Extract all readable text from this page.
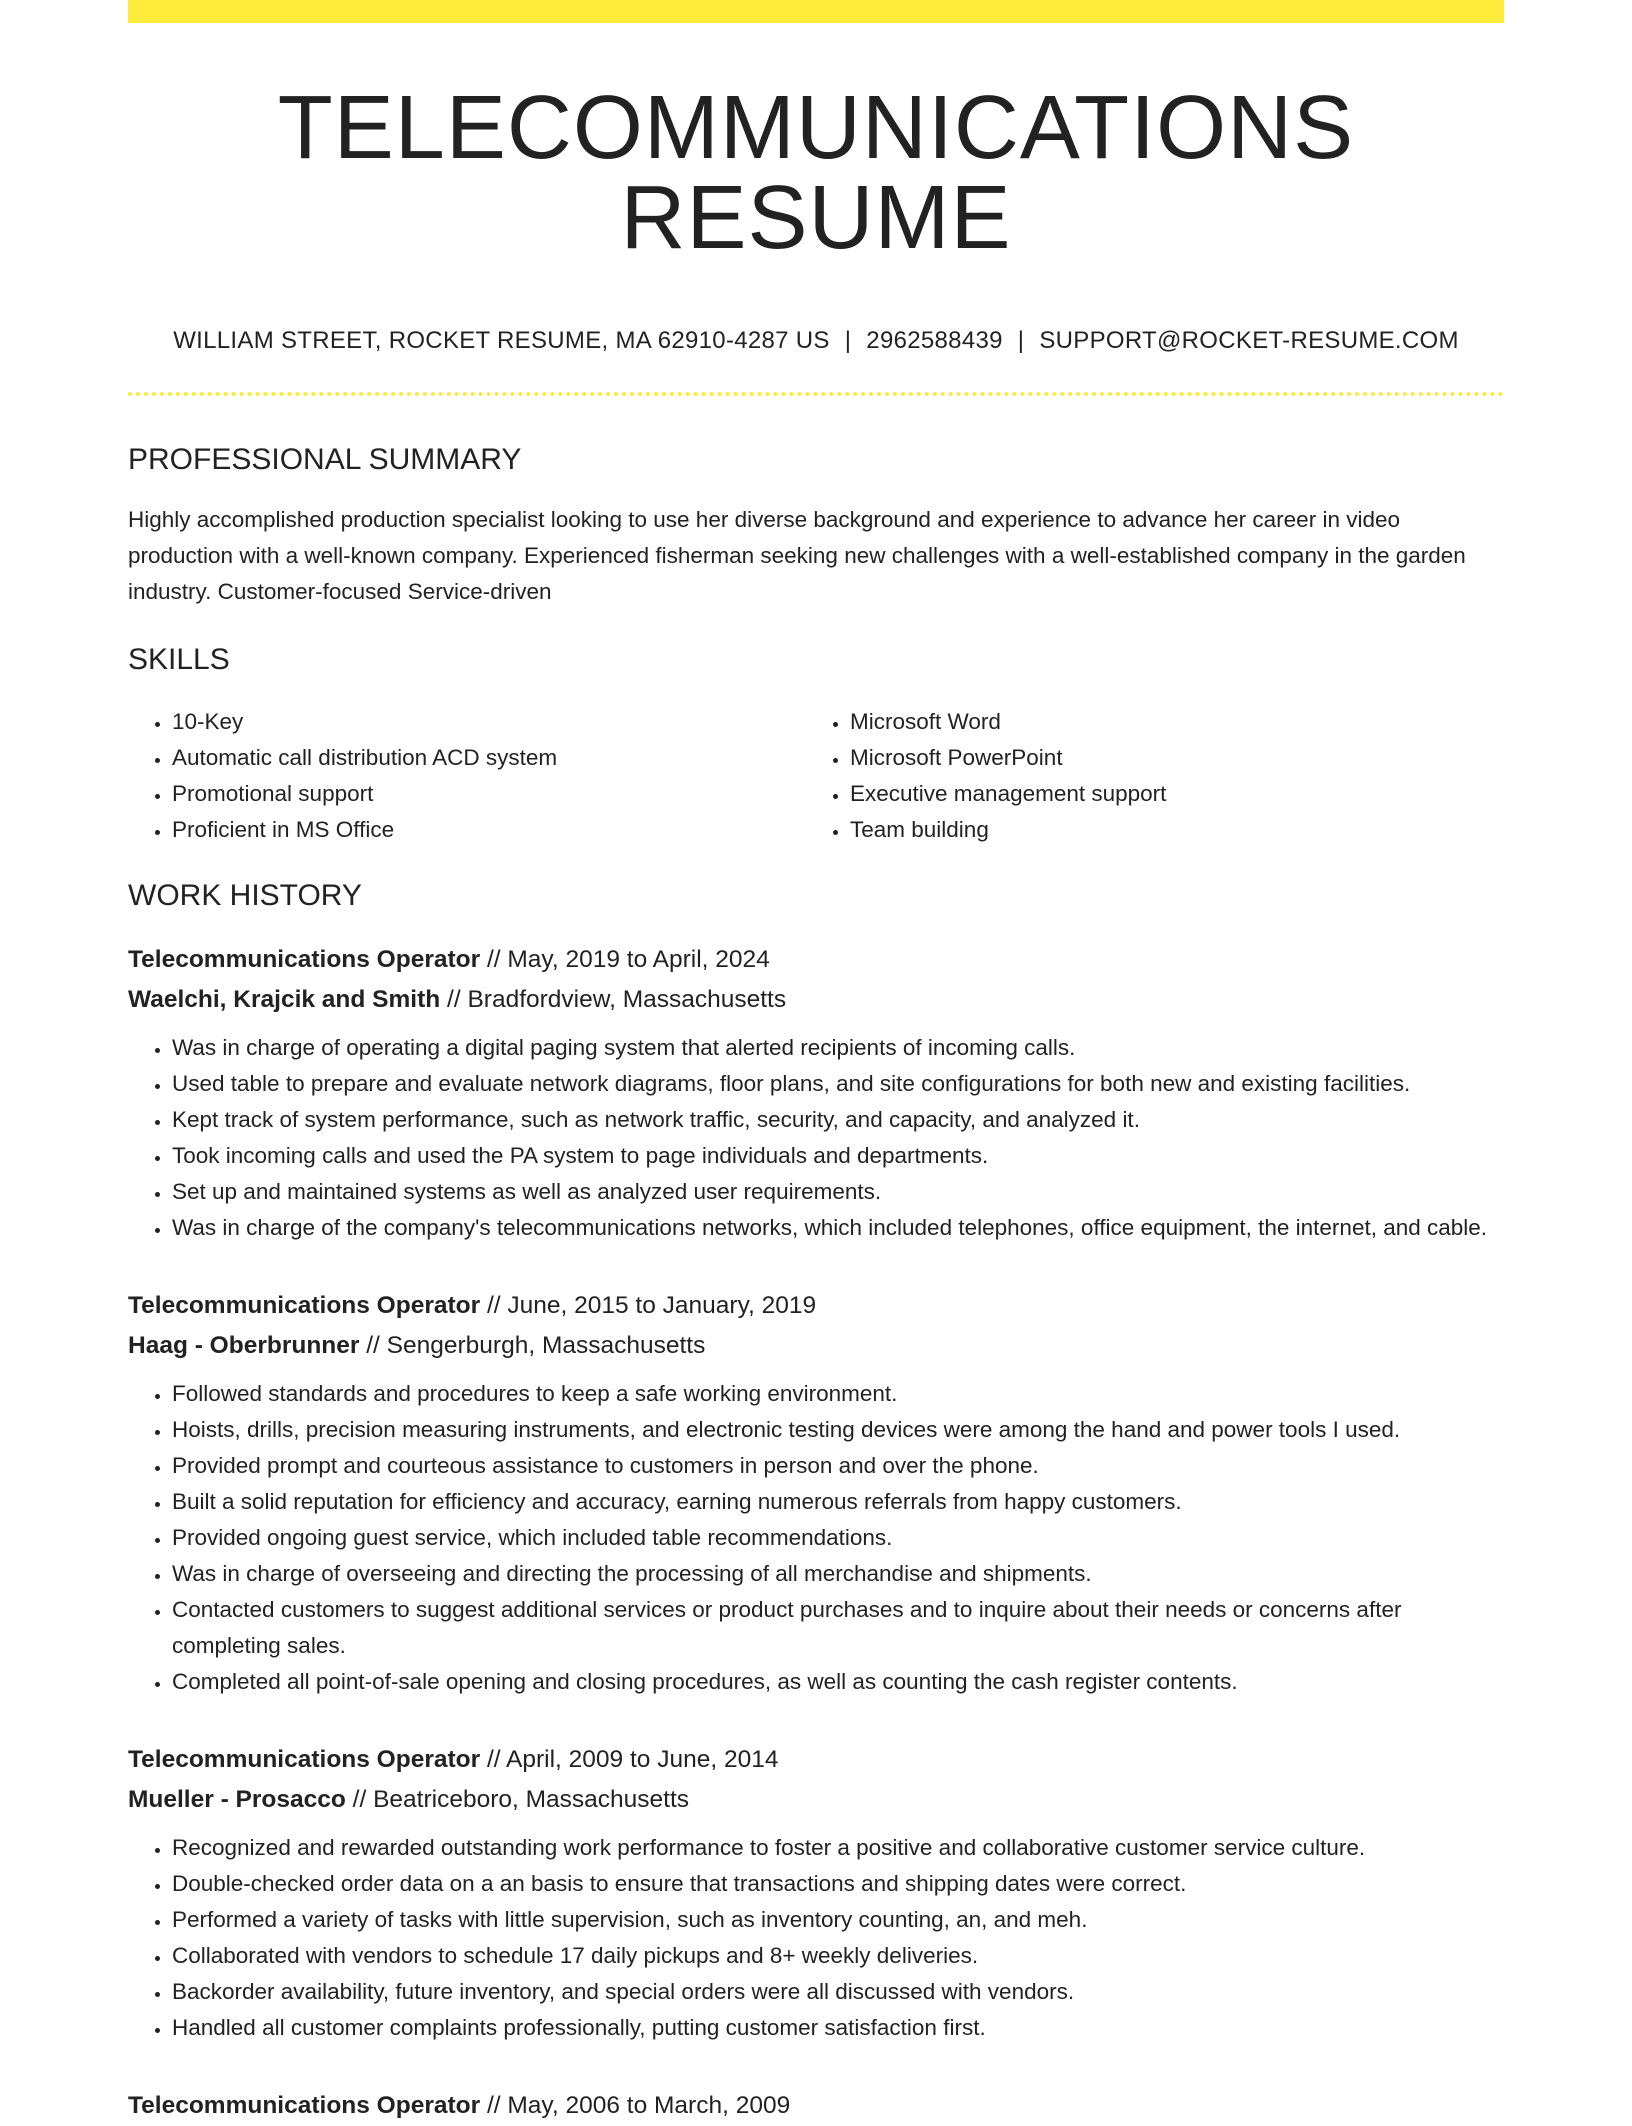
TELECOMMUNICATIONS RESUME
WILLIAM STREET, ROCKET RESUME, MA 62910-4287 US | 2962588439 | SUPPORT@ROCKET-RESUME.COM
PROFESSIONAL SUMMARY
Highly accomplished production specialist looking to use her diverse background and experience to advance her career in video production with a well-known company. Experienced fisherman seeking new challenges with a well-established company in the garden industry. Customer-focused Service-driven
SKILLS
• 10-Key
• Automatic call distribution ACD system
• Promotional support
• Proficient in MS Office
• Microsoft Word
• Microsoft PowerPoint
• Executive management support
• Team building
WORK HISTORY
Telecommunications Operator // May, 2019 to April, 2024
Waelchi, Krajcik and Smith // Bradfordview, Massachusetts
• Was in charge of operating a digital paging system that alerted recipients of incoming calls.
• Used table to prepare and evaluate network diagrams, floor plans, and site configurations for both new and existing facilities.
• Kept track of system performance, such as network traffic, security, and capacity, and analyzed it.
• Took incoming calls and used the PA system to page individuals and departments.
• Set up and maintained systems as well as analyzed user requirements.
• Was in charge of the company's telecommunications networks, which included telephones, office equipment, the internet, and cable.
Telecommunications Operator // June, 2015 to January, 2019
Haag - Oberbrunner // Sengerburgh, Massachusetts
• Followed standards and procedures to keep a safe working environment.
• Hoists, drills, precision measuring instruments, and electronic testing devices were among the hand and power tools I used.
• Provided prompt and courteous assistance to customers in person and over the phone.
• Built a solid reputation for efficiency and accuracy, earning numerous referrals from happy customers.
• Provided ongoing guest service, which included table recommendations.
• Was in charge of overseeing and directing the processing of all merchandise and shipments.
• Contacted customers to suggest additional services or product purchases and to inquire about their needs or concerns after completing sales.
• Completed all point-of-sale opening and closing procedures, as well as counting the cash register contents.
Telecommunications Operator // April, 2009 to June, 2014
Mueller - Prosacco // Beatriceboro, Massachusetts
• Recognized and rewarded outstanding work performance to foster a positive and collaborative customer service culture.
• Double-checked order data on a an basis to ensure that transactions and shipping dates were correct.
• Performed a variety of tasks with little supervision, such as inventory counting, an, and meh.
• Collaborated with vendors to schedule 17 daily pickups and 8+ weekly deliveries.
• Backorder availability, future inventory, and special orders were all discussed with vendors.
• Handled all customer complaints professionally, putting customer satisfaction first.
Telecommunications Operator // May, 2006 to March, 2009
